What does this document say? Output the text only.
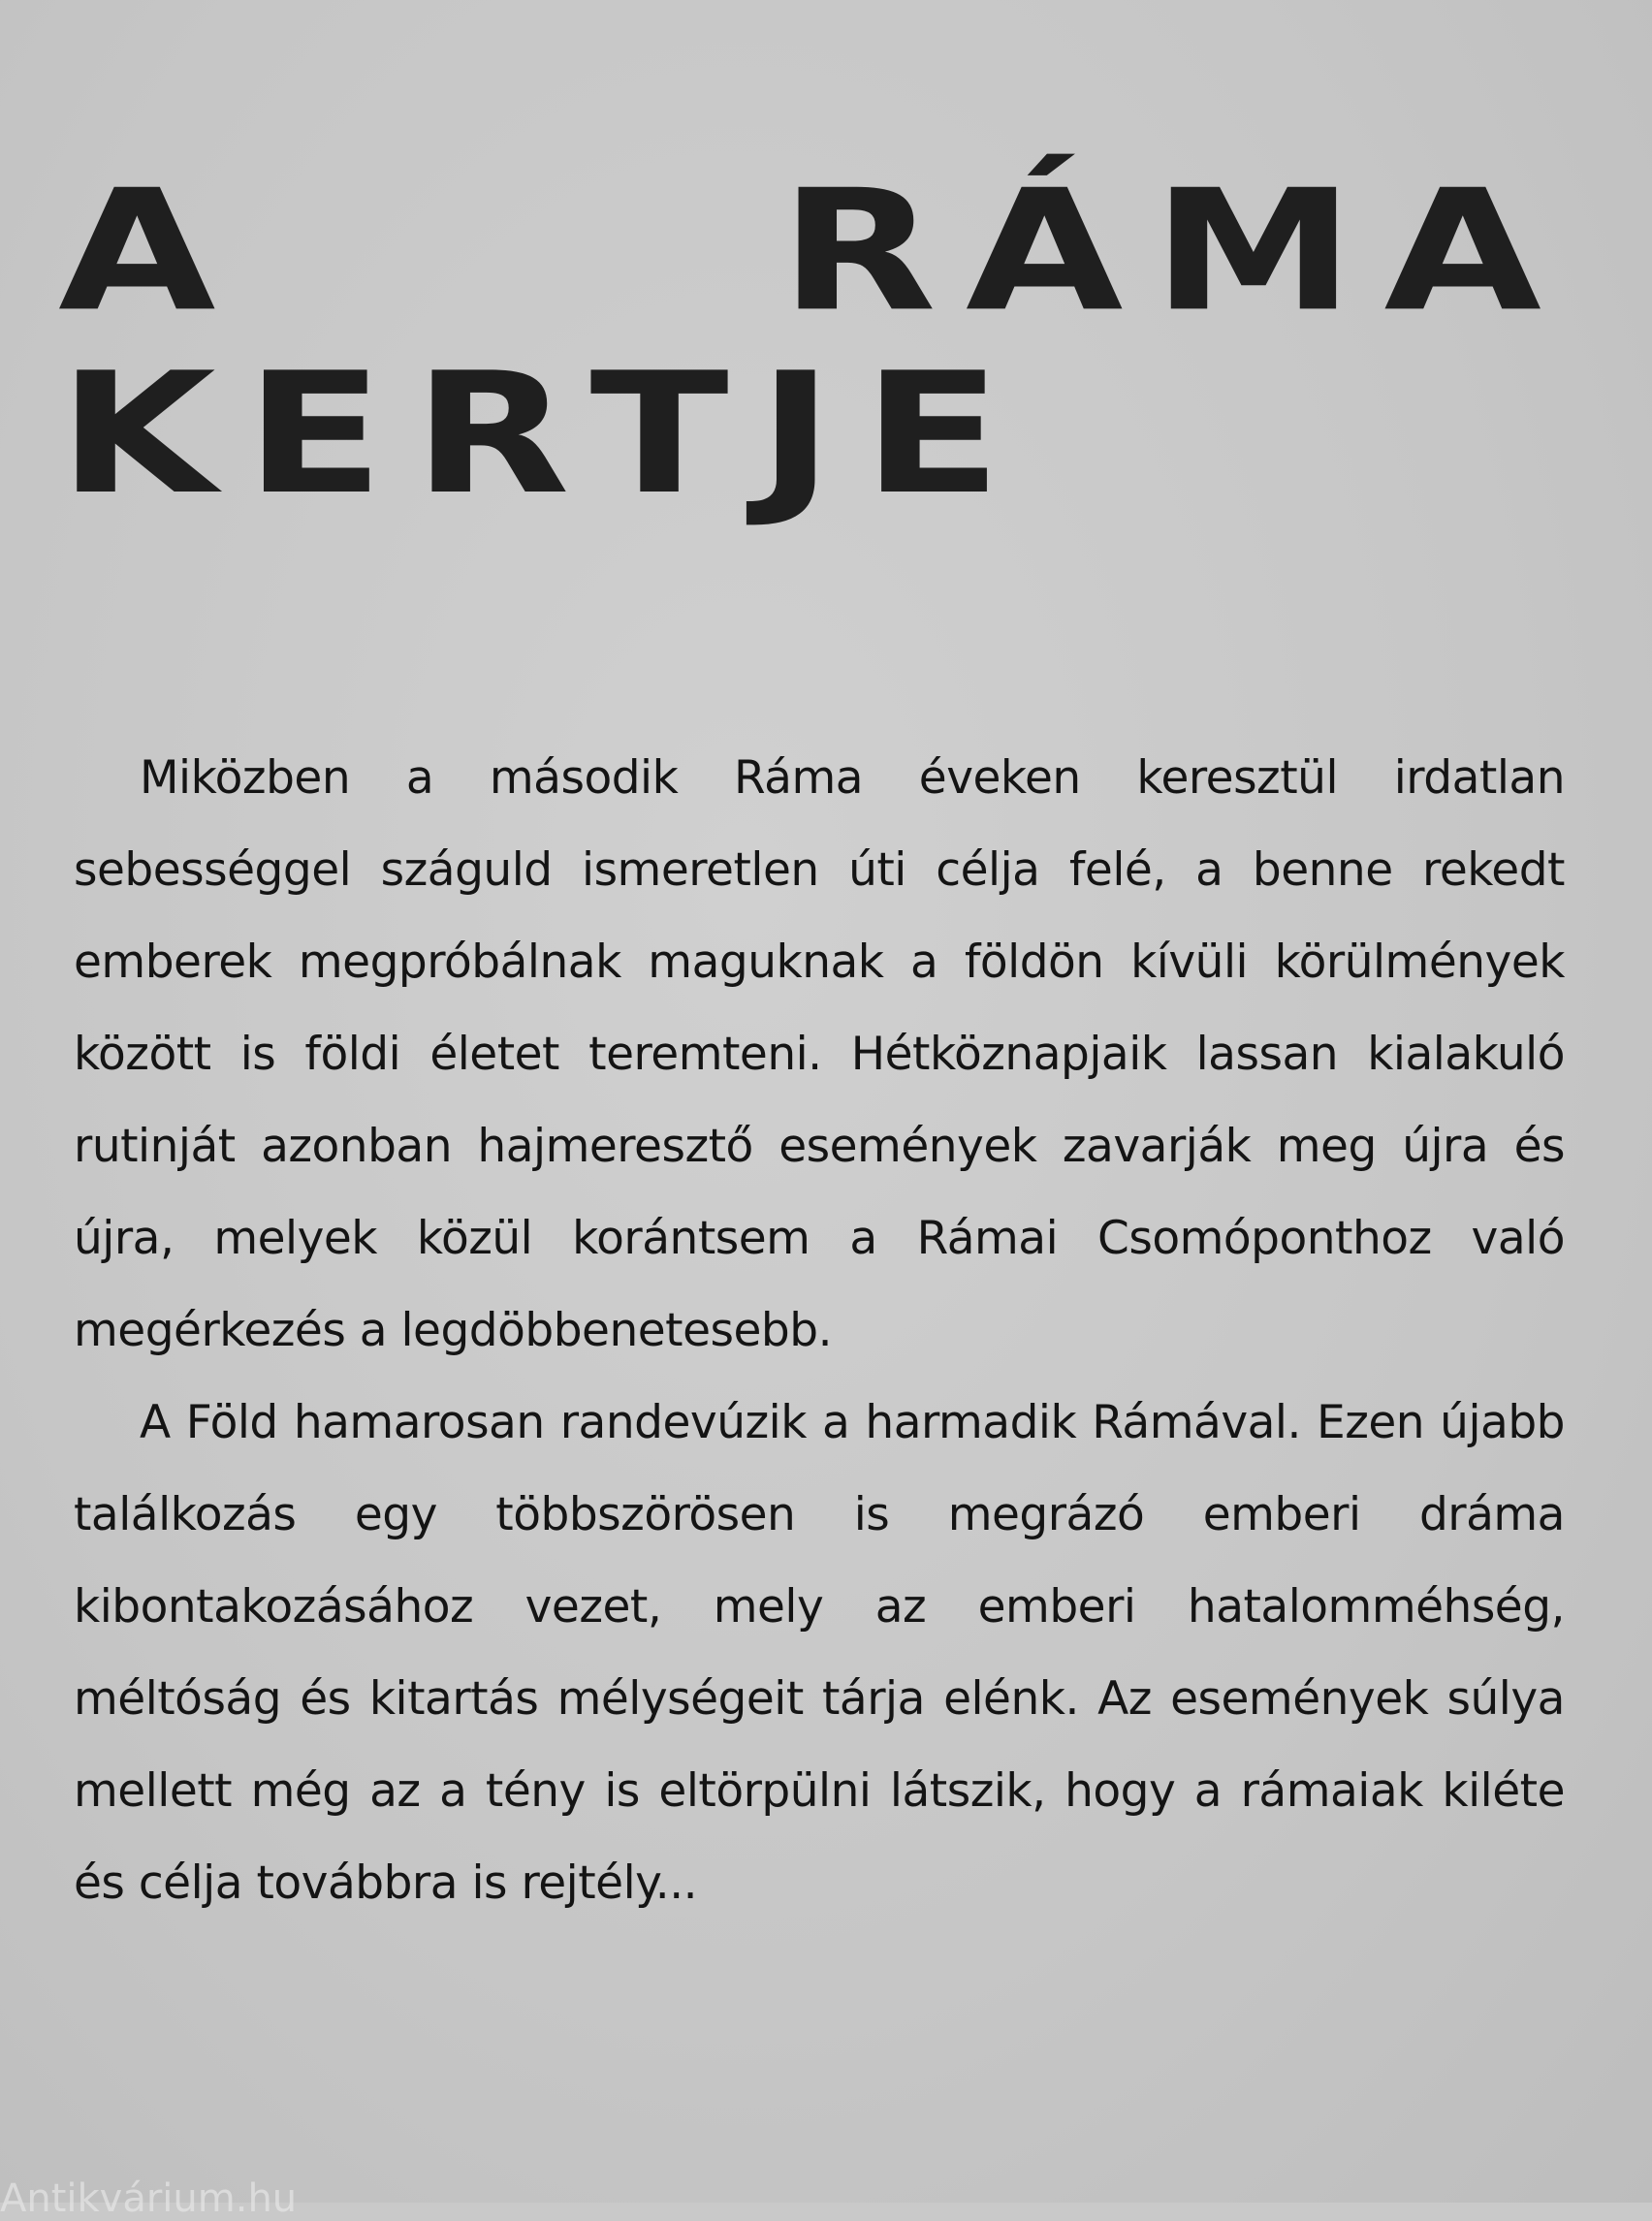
A RÁMA
KERTJE

Miközben a második Ráma éveken keresztül irdatlan sebességgel száguld ismeretlen úti célja felé, a benne rekedt emberek megpróbálnak maguknak a földön kívüli körülmények között is földi életet teremteni. Hétköznapjaik lassan kialakuló rutinját azonban hajmeresztő események zavarják meg újra és újra, melyek közül korántsem a Rámai Csomóponthoz való megérkezés a legdöbbenetesebb.

A Föld hamarosan randevúzik a harmadik Rámával. Ezen újabb találkozás egy többszörösen is megrázó emberi dráma kibontakozásához vezet, mely az emberi hatalomméhség, méltóság és kitartás mélységeit tárja elénk. Az események súlya mellett még az a tény is eltörpülni látszik, hogy a rámaiak kiléte és célja továbbra is rejtély...

Antikvárium.hu
